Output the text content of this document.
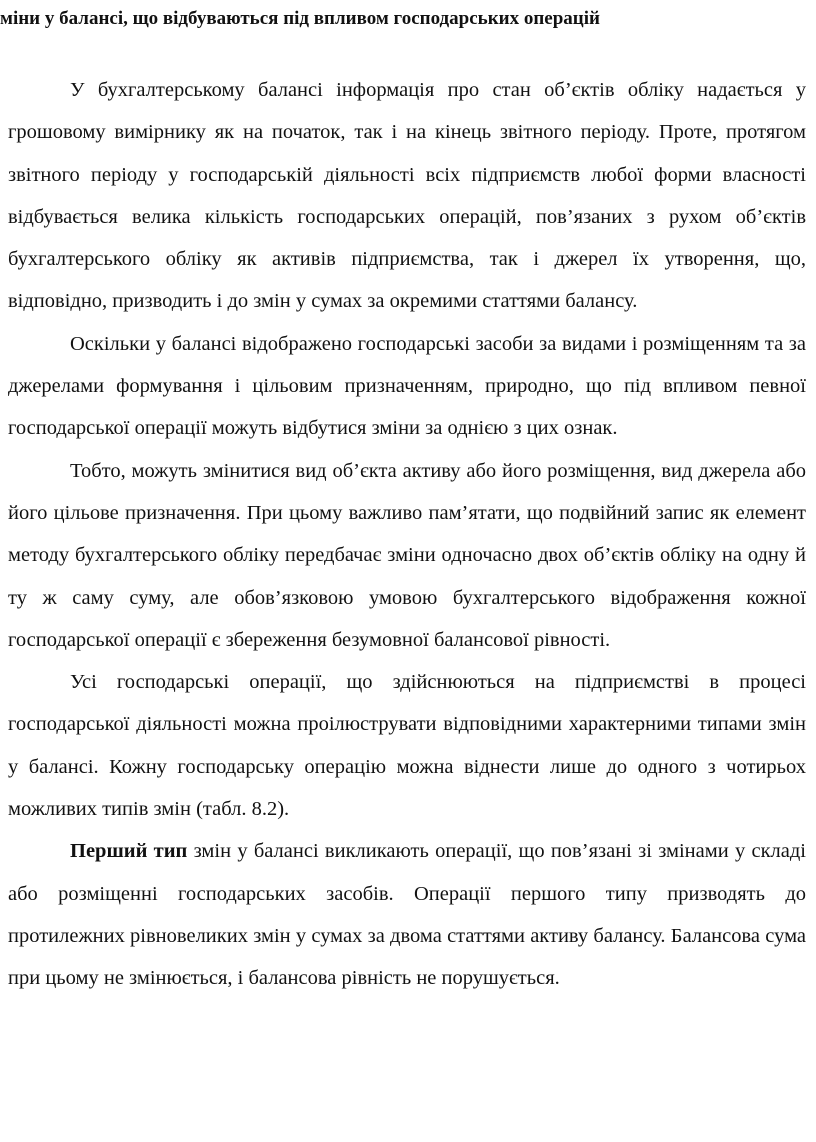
міни у балансі, що відбуваються під впливом господарських операцій

У бухгалтерському балансі інформація про стан об’єктів обліку надається у грошовому вимірнику як на початок, так і на кінець звітного періоду. Проте, протягом звітного періоду у господарській діяльності всіх підприємств любої форми власності відбувається велика кількість господарських операцій, пов’язаних з рухом об’єктів бухгалтерського обліку як активів підприємства, так і джерел їх утворення, що, відповідно, призводить і до змін у сумах за окремими статтями балансу.

Оскільки у балансі відображено господарські засоби за видами і розміщенням та за джерелами формування і цільовим призначенням, природно, що під впливом певної господарської операції можуть відбутися зміни за однією з цих ознак.

Тобто, можуть змінитися вид об’єкта активу або його розміщення, вид джерела або його цільове призначення. При цьому важливо пам’ятати, що подвійний запис як елемент методу бухгалтерського обліку передбачає зміни одночасно двох об’єктів обліку на одну й ту ж саму суму, але обов’язковою умовою бухгалтерського відображення кожної господарської операції є збереження безумовної балансової рівності.

Усі господарські операції, що здійснюються на підприємстві в процесі господарської діяльності можна проілюструвати відповідними характерними типами змін у балансі. Кожну господарську операцію можна віднести лише до одного з чотирьох можливих типів змін (табл. 8.2).

Перший тип змін у балансі викликають операції, що пов’язані зі змінами у складі або розміщенні господарських засобів. Операції першого типу призводять до протилежних рівновеликих змін у сумах за двома статтями активу балансу. Балансова сума при цьому не змінюється, і балансова рівність не порушується.
